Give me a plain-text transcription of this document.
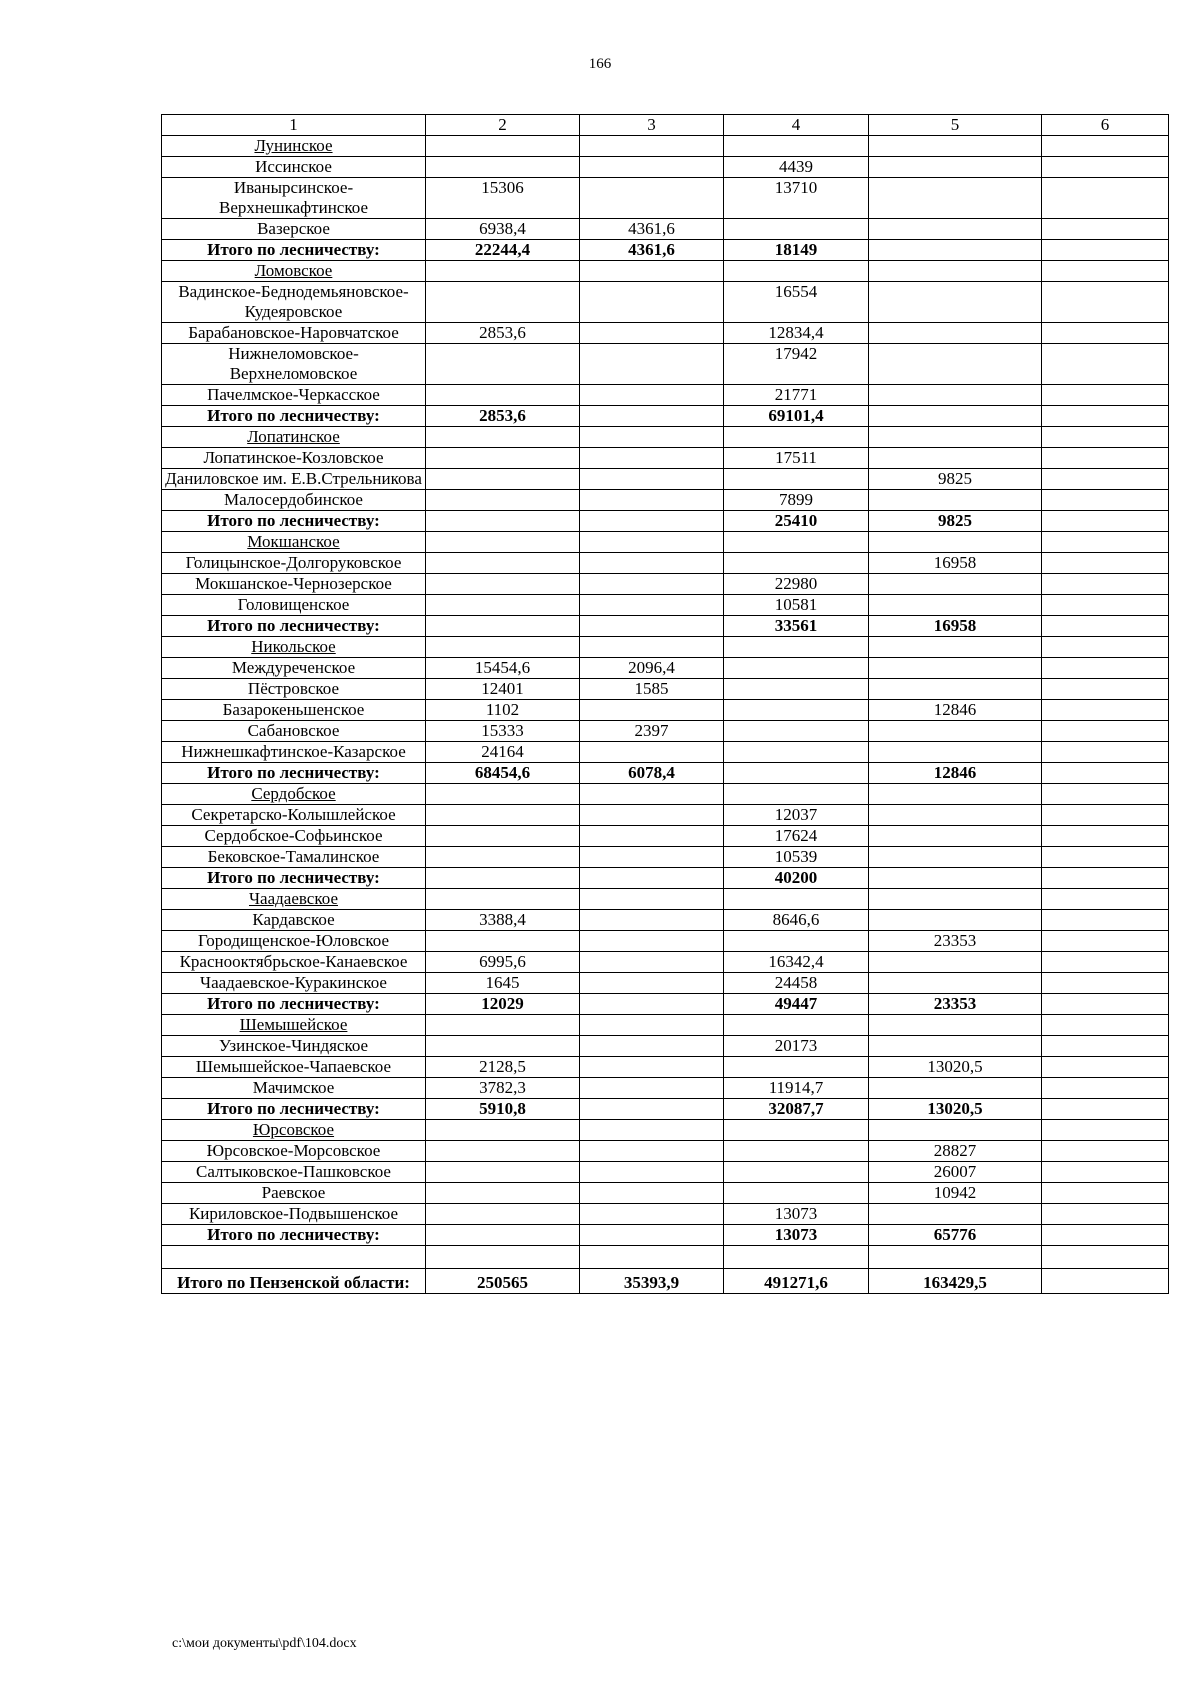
166
1	2	3	4	5	6
Лунинское					
Иссинское			4439		
Иванырсинское-Верхнешкафтинское	15306		13710		
Вазерское	6938,4	4361,6			
Итого по лесничеству:	22244,4	4361,6	18149		
Ломовское					
Вадинское-Беднодемьяновское-Кудеяровское			16554		
Барабановское-Наровчатское	2853,6		12834,4		
Нижнеломовское-Верхнеломовское			17942		
Пачелмское-Черкасское			21771		
Итого по лесничеству:	2853,6		69101,4		
Лопатинское					
Лопатинское-Козловское			17511		
Даниловское им. Е.В.Стрельникова				9825	
Малосердобинское			7899		
Итого по лесничеству:			25410	9825	
Мокшанское					
Голицынское-Долгоруковское				16958	
Мокшанское-Чернозерское			22980		
Головищенское			10581		
Итого по лесничеству:			33561	16958	
Никольское					
Междуреченское	15454,6	2096,4			
Пёстровское	12401	1585			
Базарокеньшенское	1102			12846	
Сабановское	15333	2397			
Нижнешкафтинское-Казарское	24164				
Итого по лесничеству:	68454,6	6078,4		12846	
Сердобское					
Секретарско-Колышлейское			12037		
Сердобское-Софьинское			17624		
Бековское-Тамалинское			10539		
Итого по лесничеству:			40200		
Чаадаевское					
Кардавское	3388,4		8646,6		
Городищенское-Юловское				23353	
Краснооктябрьское-Канаевское	6995,6		16342,4		
Чаадаевское-Куракинское	1645		24458		
Итого по лесничеству:	12029		49447	23353	
Шемышейское					
Узинское-Чиндяское			20173		
Шемышейское-Чапаевское	2128,5			13020,5	
Мачимское	3782,3		11914,7		
Итого по лесничеству:	5910,8		32087,7	13020,5	
Юрсовское					
Юрсовское-Морсовское				28827	
Салтыковское-Пашковское				26007	
Раевское				10942	
Кириловское-Подвышенское			13073		
Итого по лесничеству:			13073	65776	

Итого по Пензенской области:	250565	35393,9	491271,6	163429,5	
c:\мои документы\pdf\104.docx
